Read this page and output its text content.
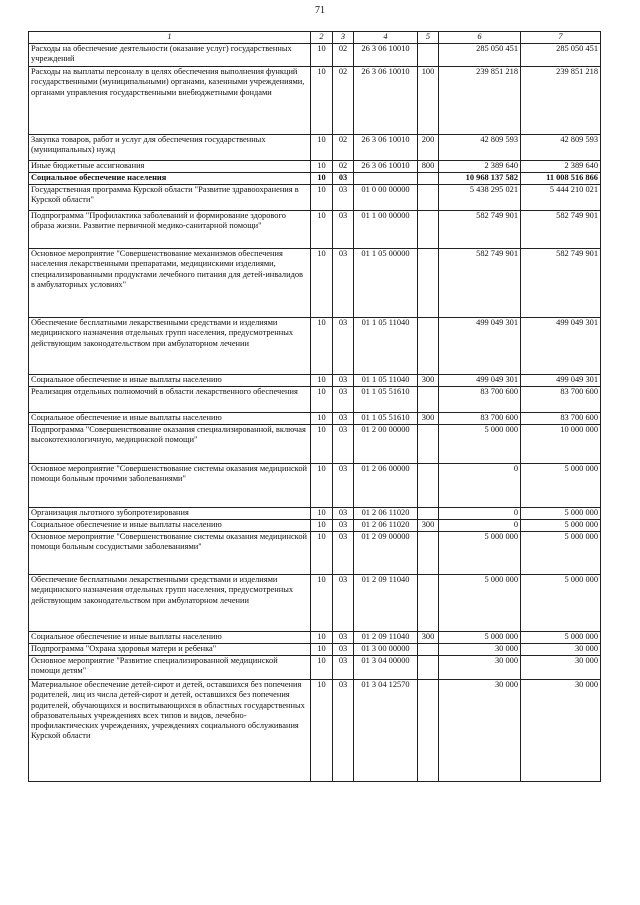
71
1	2	3	4	5	6	7
Расходы на обеспечение деятельности (оказание услуг) государственных учреждений	10	02	26 3 06 10010		285 050 451	285 050 451
Расходы на выплаты персоналу в целях обеспечения выполнения функций государственными (муниципальными) органами, казенными учреждениями, органами управления государственными внебюджетными фондами	10	02	26 3 06 10010	100	239 851 218	239 851 218
Закупка товаров, работ и услуг для обеспечения государственных (муниципальных) нужд	10	02	26 3 06 10010	200	42 809 593	42 809 593
Иные бюджетные ассигнования	10	02	26 3 06 10010	800	2 389 640	2 389 640
Социальное обеспечение населения	10	03			10 968 137 582	11 008 516 866
Государственная программа Курской области "Развитие здравоохранения в Курской области"	10	03	01 0 00 00000		5 438 295 021	5 444 210 021
Подпрограмма "Профилактика заболеваний и формирование здорового образа жизни. Развитие первичной медико-санитарной помощи"	10	03	01 1 00 00000		582 749 901	582 749 901
Основное мероприятие "Совершенствование механизмов обеспечения населения лекарственными препаратами, медицинскими изделиями, специализированными продуктами лечебного питания для детей-инвалидов в амбулаторных условиях"	10	03	01 1 05 00000		582 749 901	582 749 901
Обеспечение бесплатными лекарственными средствами и изделиями медицинского назначения отдельных групп населения, предусмотренных действующим законодательством при амбулаторном лечении	10	03	01 1 05 11040		499 049 301	499 049 301
Социальное обеспечение и иные выплаты населению	10	03	01 1 05 11040	300	499 049 301	499 049 301
Реализация отдельных полномочий в области лекарственного обеспечения	10	03	01 1 05 51610		83 700 600	83 700 600
Социальное обеспечение и иные выплаты населению	10	03	01 1 05 51610	300	83 700 600	83 700 600
Подпрограмма "Совершенствование оказания специализированной, включая высокотехнологичную, медицинской помощи"	10	03	01 2 00 00000		5 000 000	10 000 000
Основное мероприятие "Совершенствование системы оказания медицинской помощи больным прочими заболеваниями"	10	03	01 2 06 00000		0	5 000 000
Организация льготного зубопротезирования	10	03	01 2 06 11020		0	5 000 000
Социальное обеспечение и иные выплаты населению	10	03	01 2 06 11020	300	0	5 000 000
Основное мероприятие "Совершенствование системы оказания медицинской помощи больным сосудистыми заболеваниями"	10	03	01 2 09 00000		5 000 000	5 000 000
Обеспечение бесплатными лекарственными средствами и изделиями медицинского назначения отдельных групп населения, предусмотренных действующим законодательством при амбулаторном лечении	10	03	01 2 09 11040		5 000 000	5 000 000
Социальное обеспечение и иные выплаты населению	10	03	01 2 09 11040	300	5 000 000	5 000 000
Подпрограмма "Охрана здоровья матери и ребенка"	10	03	01 3 00 00000		30 000	30 000
Основное мероприятие "Развитие специализированной медицинской помощи детям"	10	03	01 3 04 00000		30 000	30 000
Материальное обеспечение детей-сирот и детей, оставшихся без попечения родителей, лиц из числа детей-сирот и детей, оставшихся без попечения родителей, обучающихся и воспитывающихся в областных государственных образовательных учреждениях всех типов и видов, лечебно-профилактических учреждениях, учреждениях социального обслуживания Курской области	10	03	01 3 04 12570		30 000	30 000
